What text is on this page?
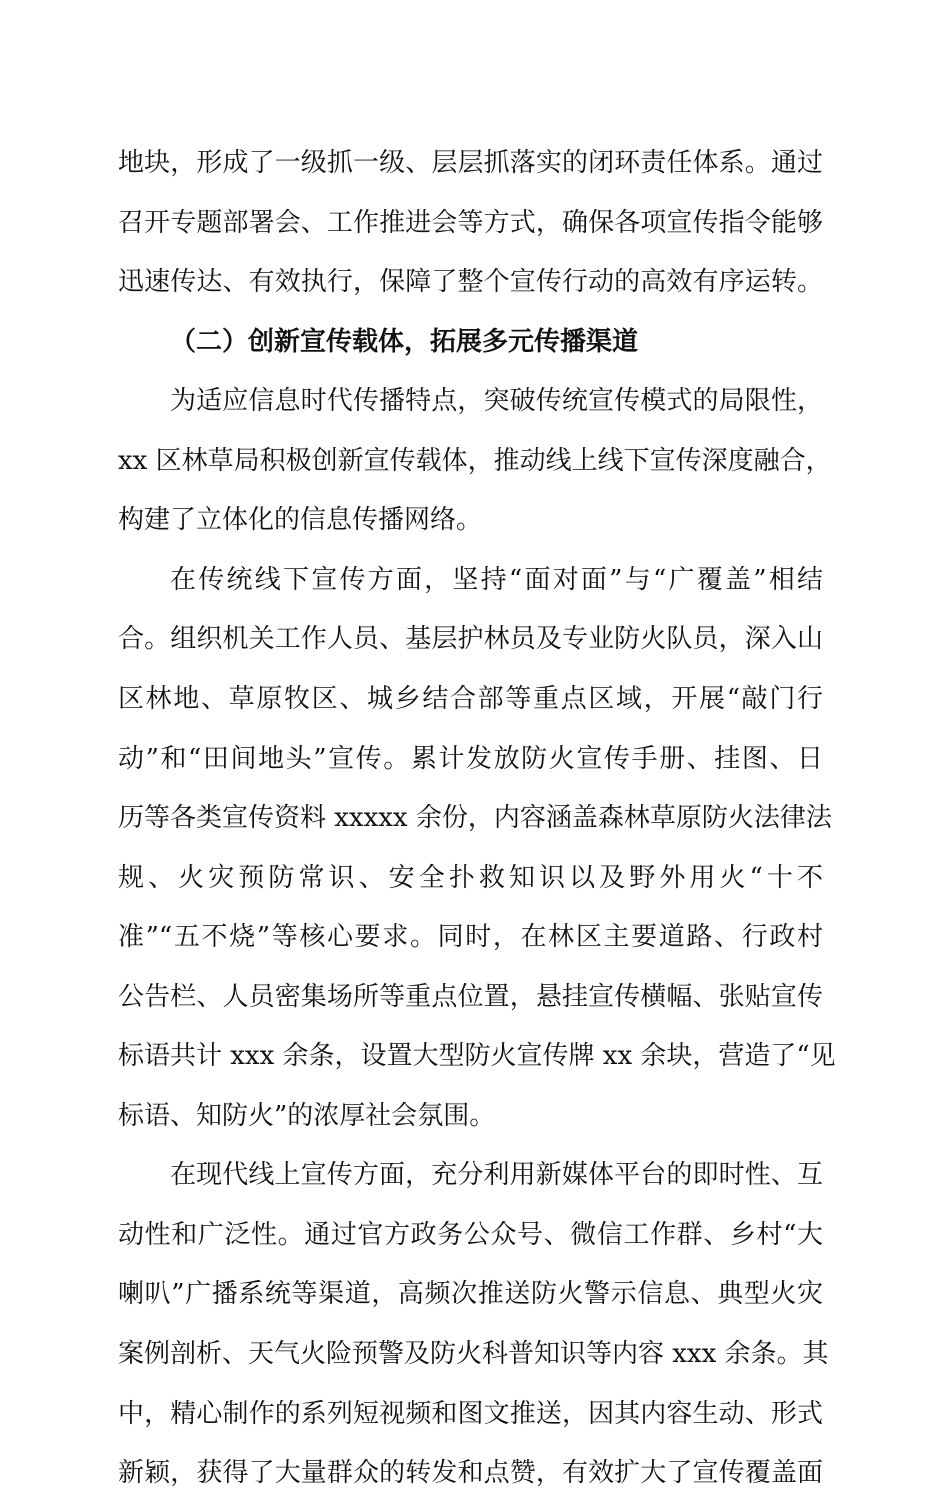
地块，形成了一级抓一级、层层抓落实的闭环责任体系。通过
召开专题部署会、工作推进会等方式，确保各项宣传指令能够
迅速传达、有效执行，保障了整个宣传行动的高效有序运转。
（二）创新宣传载体，拓展多元传播渠道
为适应信息时代传播特点，突破传统宣传模式的局限性，
xx 区林草局积极创新宣传载体，推动线上线下宣传深度融合，
构建了立体化的信息传播网络。
在传统线下宣传方面，坚持“面对面”与“广覆盖”相结
合。组织机关工作人员、基层护林员及专业防火队员，深入山
区林地、草原牧区、城乡结合部等重点区域，开展“敲门行
动”和“田间地头”宣传。累计发放防火宣传手册、挂图、日
历等各类宣传资料 xxxxx 余份，内容涵盖森林草原防火法律法
规、火灾预防常识、安全扑救知识以及野外用火“十不
准”“五不烧”等核心要求。同时，在林区主要道路、行政村
公告栏、人员密集场所等重点位置，悬挂宣传横幅、张贴宣传
标语共计 xxx 余条，设置大型防火宣传牌 xx 余块，营造了“见
标语、知防火”的浓厚社会氛围。
在现代线上宣传方面，充分利用新媒体平台的即时性、互
动性和广泛性。通过官方政务公众号、微信工作群、乡村“大
喇叭”广播系统等渠道，高频次推送防火警示信息、典型火灾
案例剖析、天气火险预警及防火科普知识等内容 xxx 余条。其
中，精心制作的系列短视频和图文推送，因其内容生动、形式
新颖，获得了大量群众的转发和点赞，有效扩大了宣传覆盖面
